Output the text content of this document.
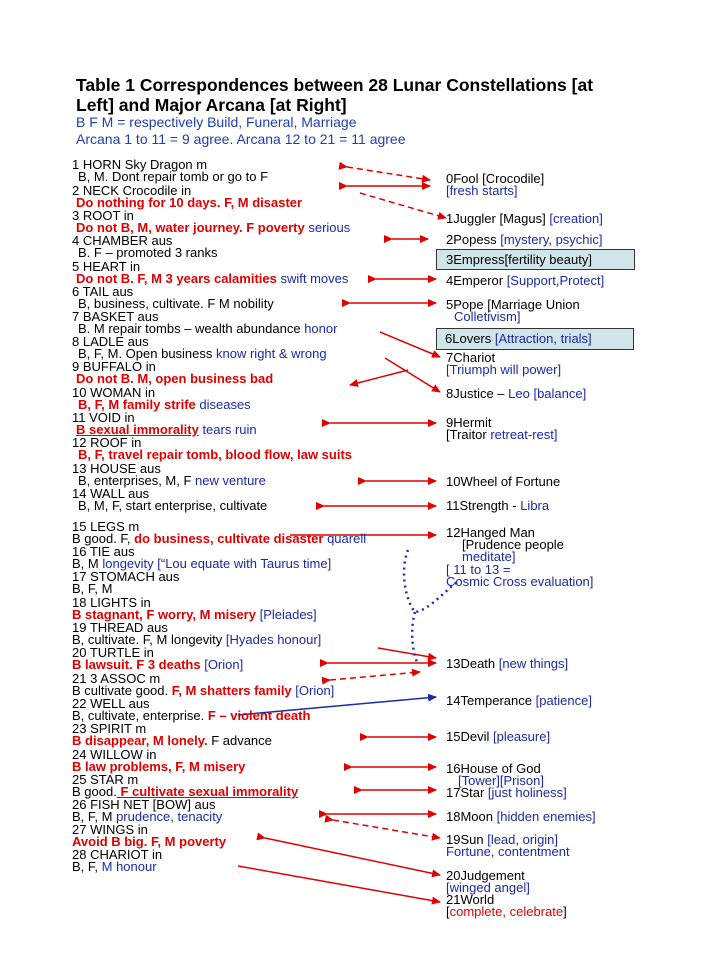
Table 1 Correspondences between 28 Lunar Constellations [at
Left] and Major Arcana [at Right]
B F M = respectively Build, Funeral, Marriage
Arcana 1 to 11 = 9 agree. Arcana 12 to 21 = 11 agree
1 HORN Sky Dragon m
B, M. Dont repair tomb or go to F
2 NECK Crocodile in
Do nothing for 10 days. F, M disaster
3 ROOT in
Do not B, M, water journey. F poverty serious
4 CHAMBER aus
B. F – promoted 3 ranks
5 HEART in
Do not B. F, M 3 years calamities swift moves
6 TAIL aus
B, business, cultivate. F M nobility
7 BASKET aus
B. M repair tombs – wealth abundance honor
8 LADLE aus
B, F, M. Open business know right & wrong
9 BUFFALO in
Do not B. M, open business bad
10 WOMAN in
B, F, M family strife diseases
11 VOID in
B sexual immorality tears ruin
12 ROOF in
B, F, travel repair tomb, blood flow, law suits
13 HOUSE aus
B, enterprises, M, F new venture
14 WALL aus
B, M, F, start enterprise, cultivate
15 LEGS m
B good. F, do business, cultivate disaster quarell
16 TIE aus
B, M longevity [“Lou equate with Taurus time]
17 STOMACH aus
B, F, M
18 LIGHTS in
B stagnant, F worry, M misery [Pleiades]
19 THREAD aus
B, cultivate. F, M longevity [Hyades honour]
20 TURTLE in
B lawsuit. F 3 deaths [Orion]
21 3 ASSOC m
B cultivate good. F, M shatters family [Orion]
22 WELL aus
B, cultivate, enterprise. F – violent death
23 SPIRIT m
B disappear, M lonely. F advance
24 WILLOW in
B law problems, F, M misery
25 STAR m
B good. F cultivate sexual immorality
26 FISH NET [BOW] aus
B, F, M prudence, tenacity
27 WINGS in
Avoid B big. F, M poverty
28 CHARIOT in
B, F, M honour
0Fool [Crocodile]
[fresh starts]
1Juggler [Magus] [creation]
2Popess [mystery, psychic]
3Empress[fertility beauty]
4Emperor [Support,Protect]
5Pope [Marriage Union
Colletivism]
6Lovers [Attraction, trials]
7Chariot
[Triumph will power]
8Justice – Leo [balance]
9Hermit
[Traitor retreat-rest]
10Wheel of Fortune
11Strength - Libra
12Hanged Man
[Prudence people
meditate]
[ 11 to 13 =
Cosmic Cross evaluation]
13Death [new things]
14Temperance [patience]
15Devil [pleasure]
16House of God
[Tower][Prison]
17Star [just holiness]
18Moon [hidden enemies]
19Sun [lead, origin]
Fortune, contentment
20Judgement
[winged angel]
21World
[complete, celebrate]
